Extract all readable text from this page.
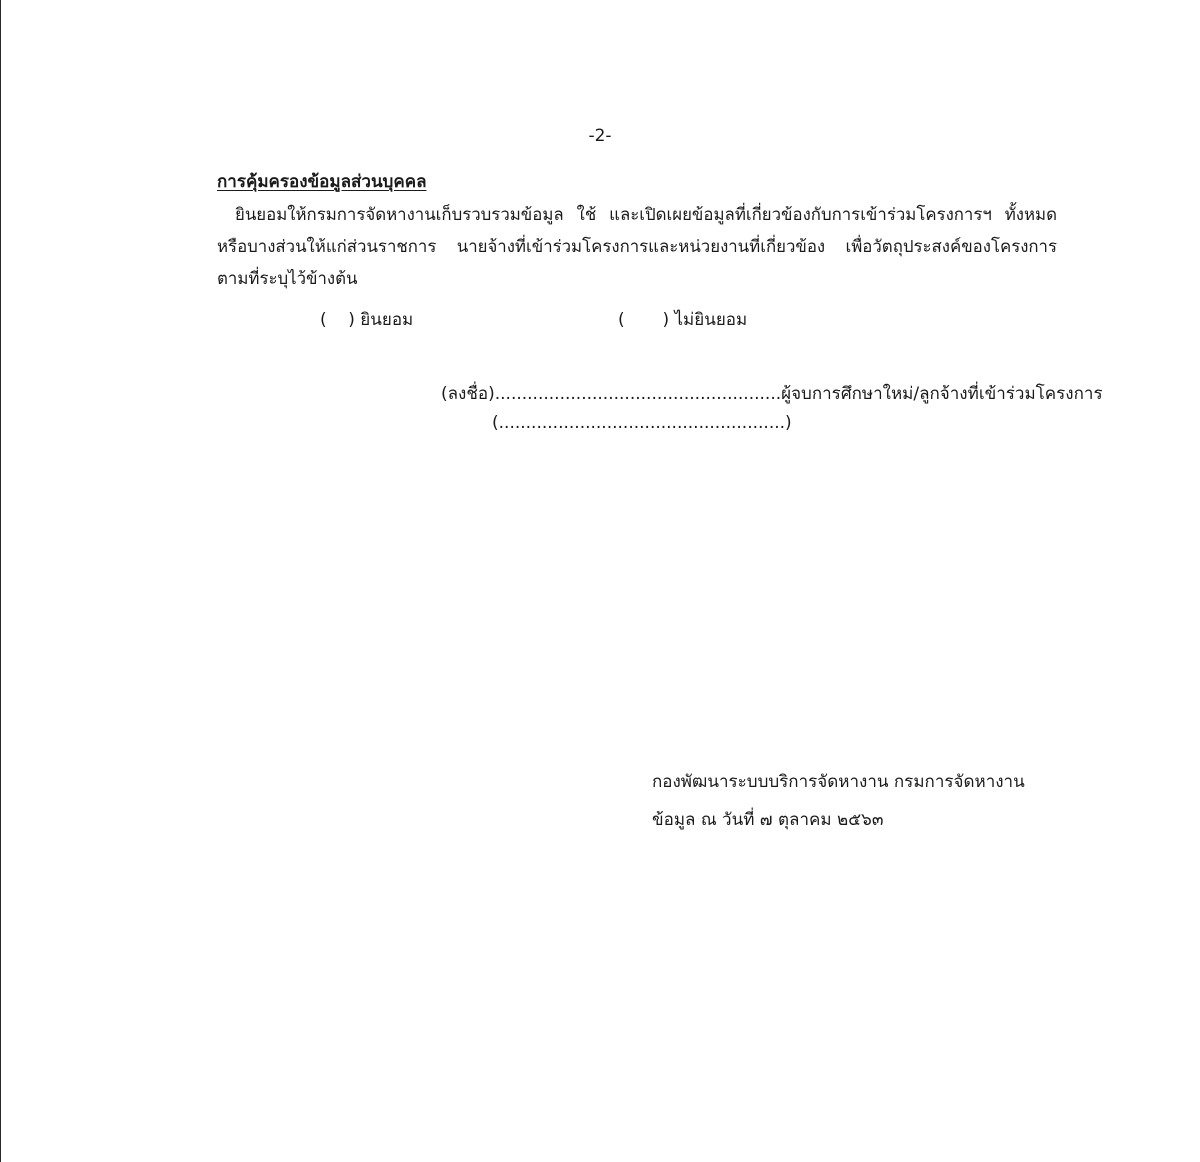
-2-
การคุ้มครองข้อมูลส่วนบุคคล

ยินยอมให้กรมการจัดหางานเก็บรวบรวมข้อมูล ใช้ และเปิดเผยข้อมูลที่เกี่ยวข้องกับการเข้าร่วมโครงการฯ ทั้งหมดหรือบางส่วนให้แก่ส่วนราชการ นายจ้างที่เข้าร่วมโครงการและหน่วยงานที่เกี่ยวข้อง เพื่อวัตถุประสงค์ของโครงการตามที่ระบุไว้ข้างต้น

(    ) ยินยอม	(       ) ไม่ยินยอม
(ลงชื่อ).....................................................ผู้จบการศึกษาใหม่/ลูกจ้างที่เข้าร่วมโครงการ
(.....................................................)
กองพัฒนาระบบบริการจัดหางาน กรมการจัดหางาน
ข้อมูล ณ วันที่ ๗ ตุลาคม ๒๕๖๓
